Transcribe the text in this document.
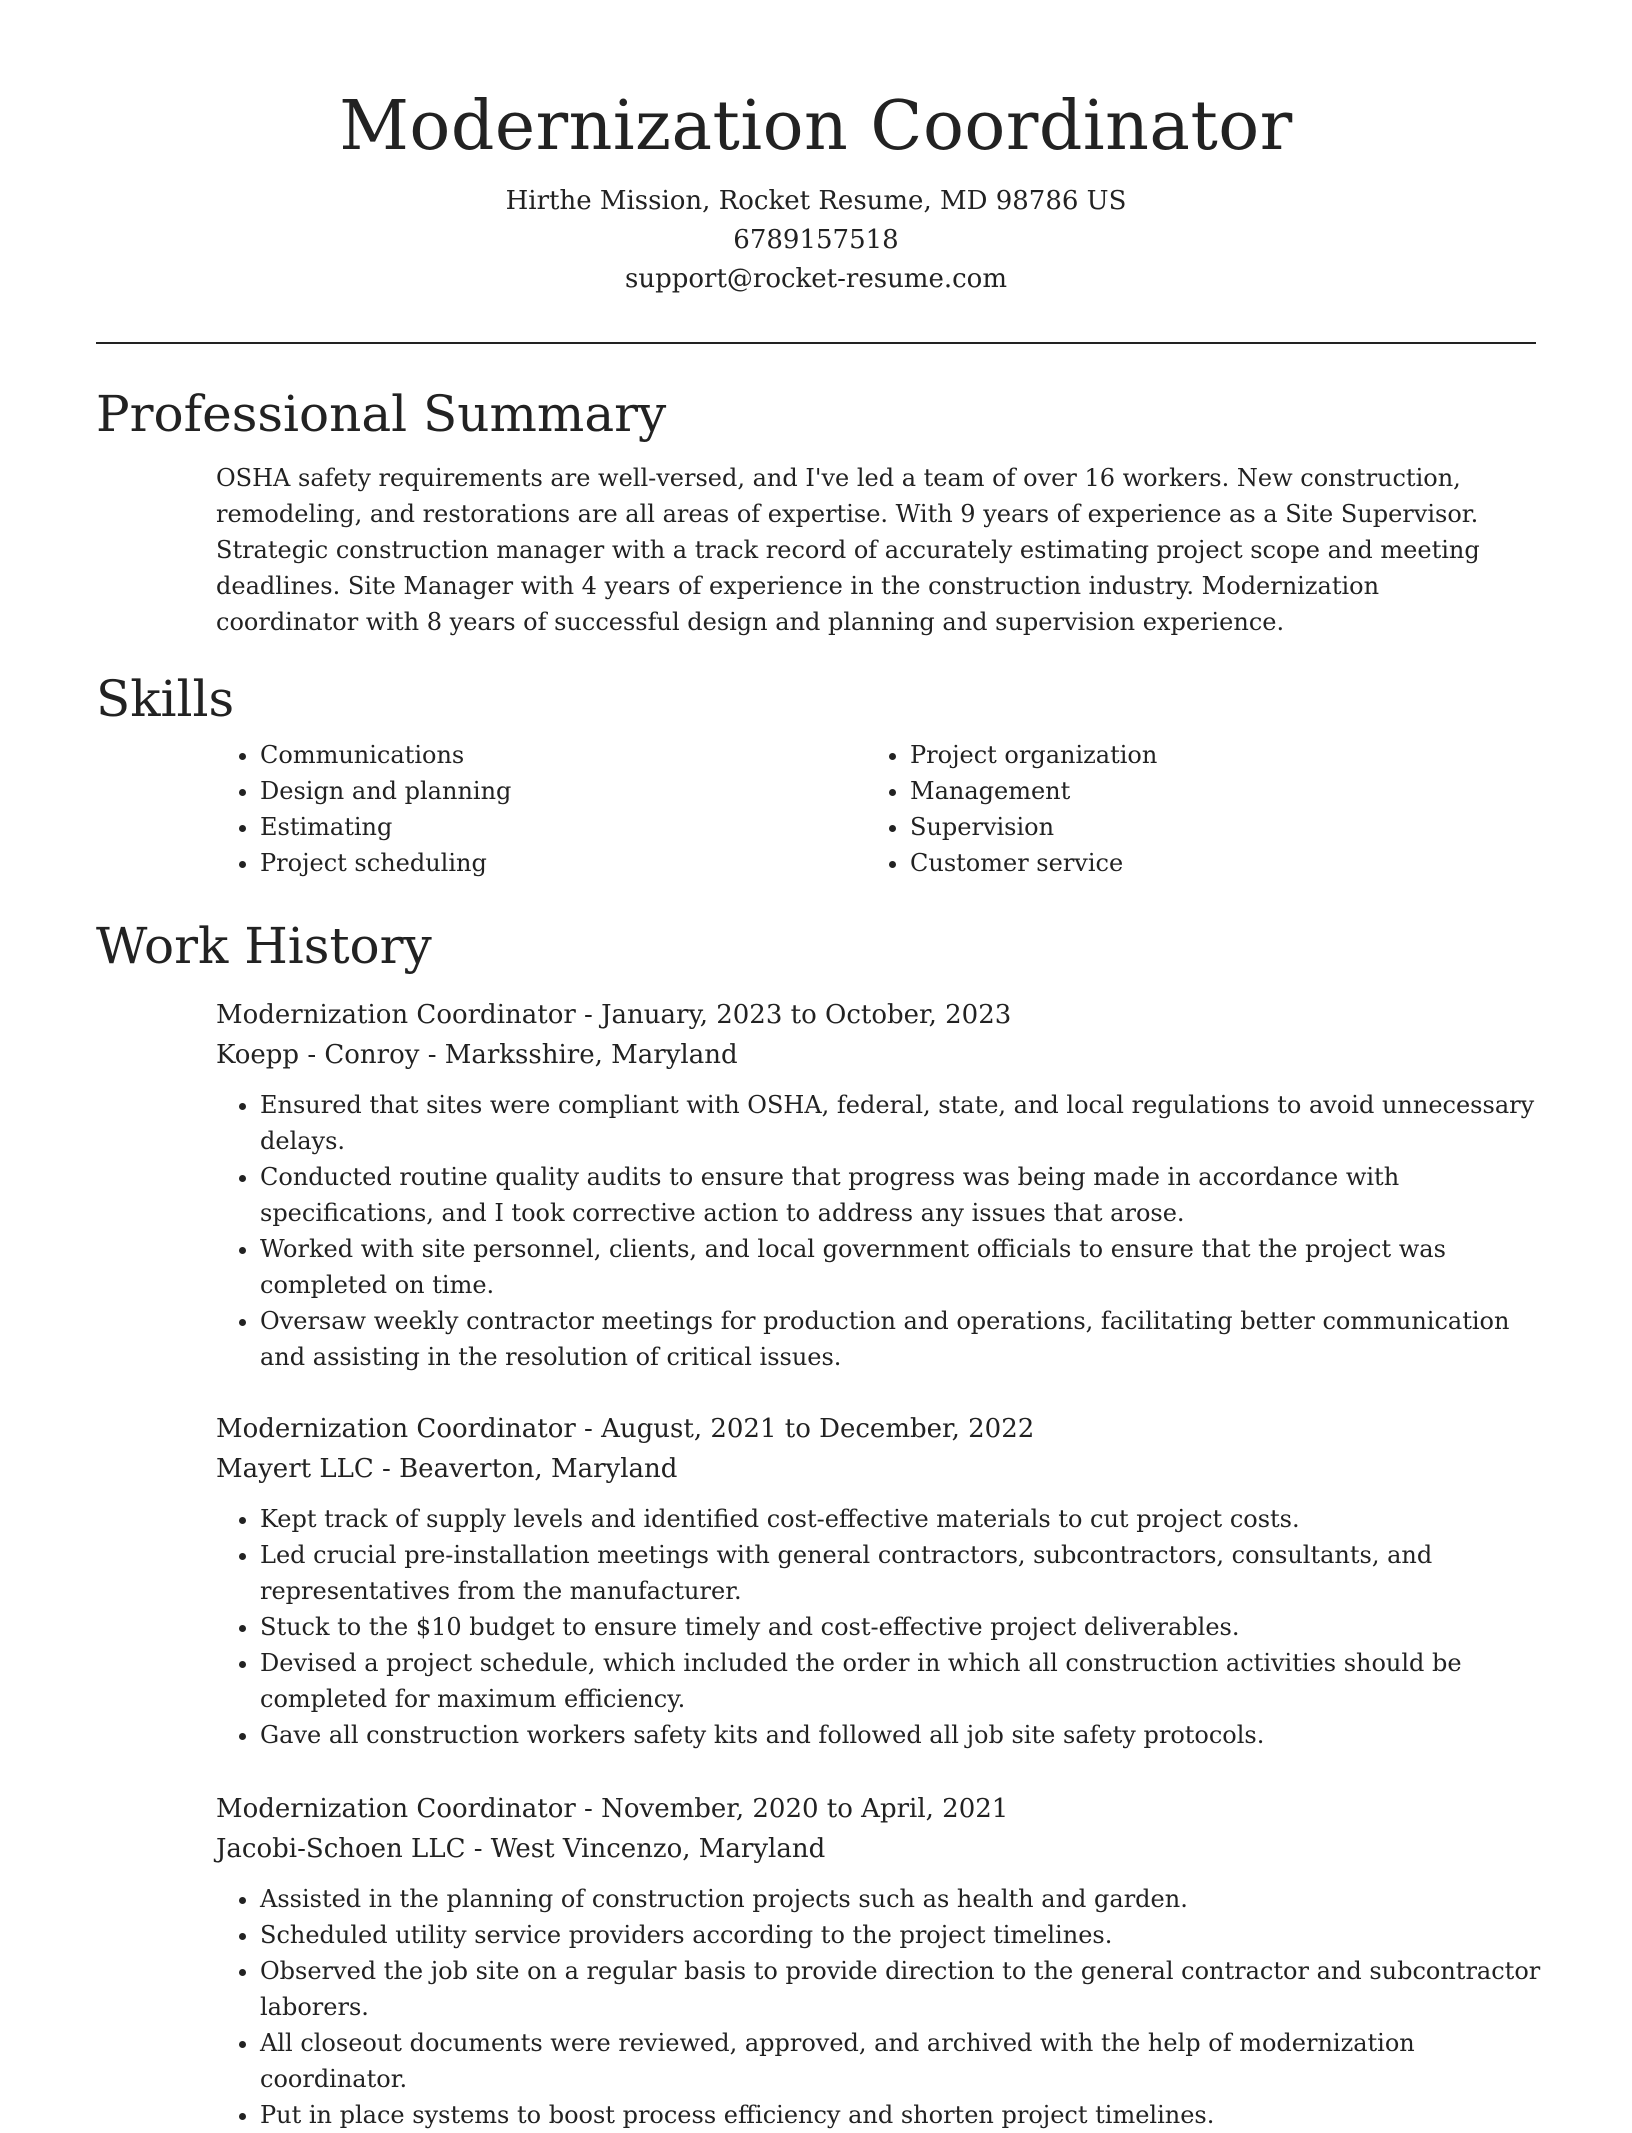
Modernization Coordinator
Hirthe Mission, Rocket Resume, MD 98786 US
6789157518
support@rocket-resume.com
Professional Summary
OSHA safety requirements are well-versed, and I've led a team of over 16 workers. New construction, remodeling, and restorations are all areas of expertise. With 9 years of experience as a Site Supervisor. Strategic construction manager with a track record of accurately estimating project scope and meeting deadlines. Site Manager with 4 years of experience in the construction industry. Modernization coordinator with 8 years of successful design and planning and supervision experience.
Skills
• Communications
• Design and planning
• Estimating
• Project scheduling
• Project organization
• Management
• Supervision
• Customer service
Work History
Modernization Coordinator - January, 2023 to October, 2023
Koepp - Conroy - Marksshire, Maryland
• Ensured that sites were compliant with OSHA, federal, state, and local regulations to avoid unnecessary delays.
• Conducted routine quality audits to ensure that progress was being made in accordance with specifications, and I took corrective action to address any issues that arose.
• Worked with site personnel, clients, and local government officials to ensure that the project was completed on time.
• Oversaw weekly contractor meetings for production and operations, facilitating better communication and assisting in the resolution of critical issues.
Modernization Coordinator - August, 2021 to December, 2022
Mayert LLC - Beaverton, Maryland
• Kept track of supply levels and identified cost-effective materials to cut project costs.
• Led crucial pre-installation meetings with general contractors, subcontractors, consultants, and representatives from the manufacturer.
• Stuck to the $10 budget to ensure timely and cost-effective project deliverables.
• Devised a project schedule, which included the order in which all construction activities should be completed for maximum efficiency.
• Gave all construction workers safety kits and followed all job site safety protocols.
Modernization Coordinator - November, 2020 to April, 2021
Jacobi-Schoen LLC - West Vincenzo, Maryland
• Assisted in the planning of construction projects such as health and garden.
• Scheduled utility service providers according to the project timelines.
• Observed the job site on a regular basis to provide direction to the general contractor and subcontractor laborers.
• All closeout documents were reviewed, approved, and archived with the help of modernization coordinator.
• Put in place systems to boost process efficiency and shorten project timelines.
